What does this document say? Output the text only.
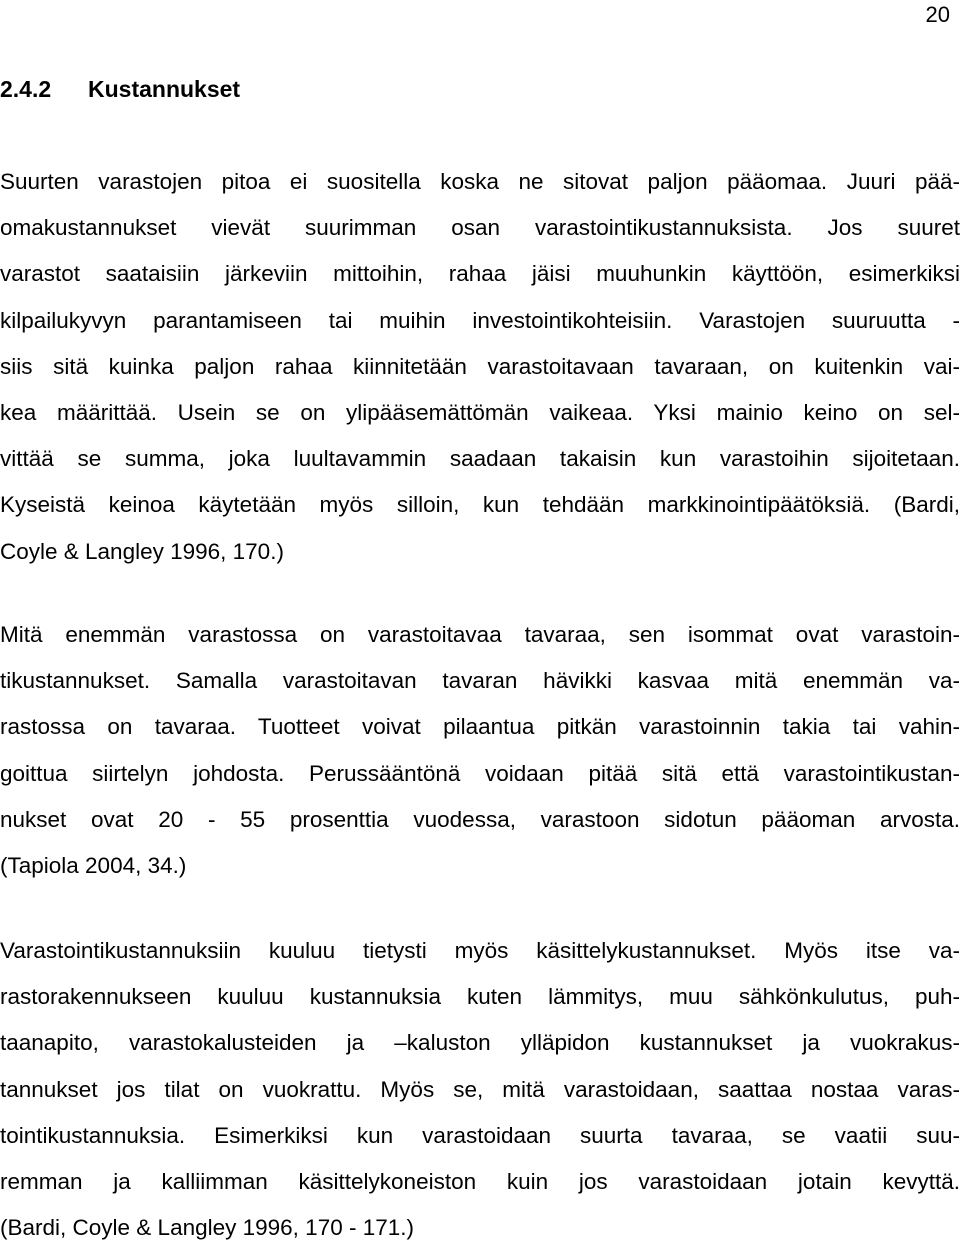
20
2.4.2 Kustannukset
Suurten varastojen pitoa ei suositella koska ne sitovat paljon pääomaa. Juuri pää-
omakustannukset vievät suurimman osan varastointikustannuksista. Jos suuret
varastot saataisiin järkeviin mittoihin, rahaa jäisi muuhunkin käyttöön, esimerkiksi
kilpailukyvyn parantamiseen tai muihin investointikohteisiin. Varastojen suuruutta -
siis sitä kuinka paljon rahaa kiinnitetään varastoitavaan tavaraan, on kuitenkin vai-
kea määrittää. Usein se on ylipääsemättömän vaikeaa. Yksi mainio keino on sel-
vittää se summa, joka luultavammin saadaan takaisin kun varastoihin sijoitetaan.
Kyseistä keinoa käytetään myös silloin, kun tehdään markkinointipäätöksiä. (Bardi,
Coyle & Langley 1996, 170.)
Mitä enemmän varastossa on varastoitavaa tavaraa, sen isommat ovat varastoin-
tikustannukset. Samalla varastoitavan tavaran hävikki kasvaa mitä enemmän va-
rastossa on tavaraa. Tuotteet voivat pilaantua pitkän varastoinnin takia tai vahin-
goittua siirtelyn johdosta. Perussääntönä voidaan pitää sitä että varastointikustan-
nukset ovat 20 - 55 prosenttia vuodessa, varastoon sidotun pääoman arvosta.
(Tapiola 2004, 34.)
Varastointikustannuksiin kuuluu tietysti myös käsittelykustannukset. Myös itse va-
rastorakennukseen kuuluu kustannuksia kuten lämmitys, muu sähkönkulutus, puh-
taanapito, varastokalusteiden ja –kaluston ylläpidon kustannukset ja vuokrakus-
tannukset jos tilat on vuokrattu. Myös se, mitä varastoidaan, saattaa nostaa varas-
tointikustannuksia. Esimerkiksi kun varastoidaan suurta tavaraa, se vaatii suu-
remman ja kalliimman käsittelykoneiston kuin jos varastoidaan jotain kevyttä.
(Bardi, Coyle & Langley 1996, 170 - 171.)
